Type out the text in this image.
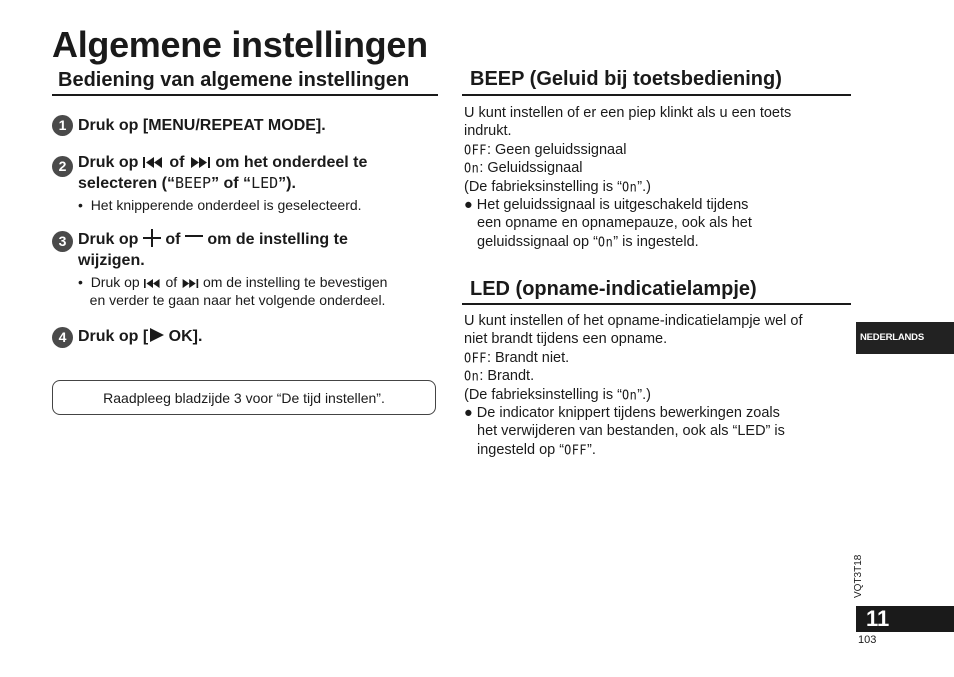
Algemene instellingen
Bediening van algemene instellingen
1 Druk op [MENU/REPEAT MODE].
2 Druk op of om het onderdeel te
selecteren (“BEEP” of “LED”).
•  Het knipperende onderdeel is geselecteerd.
3 Druk op of om de instelling te
wijzigen.
•  Druk op of om de instelling te bevestigen
en verder te gaan naar het volgende onderdeel.
4 Druk op [ OK].
Raadpleeg bladzijde 3 voor “De tijd instellen”.
BEEP (Geluid bij toetsbediening)
U kunt instellen of er een piep klinkt als u een toets
indrukt.
OFF: Geen geluidssignaal
On: Geluidssignaal
(De fabrieksinstelling is “On”.)
● Het geluidssignaal is uitgeschakeld tijdens
een opname en opnamepauze, ook als het
geluidssignaal op “On” is ingesteld.
LED (opname-indicatielampje)
U kunt instellen of het opname-indicatielampje wel of
niet brandt tijdens een opname.
OFF: Brandt niet.
On: Brandt.
(De fabrieksinstelling is “On”.)
● De indicator knippert tijdens bewerkingen zoals
het verwijderen van bestanden, ook als “LED” is
ingesteld op “OFF”.
NEDERLANDS
VQT3T18
11
103
